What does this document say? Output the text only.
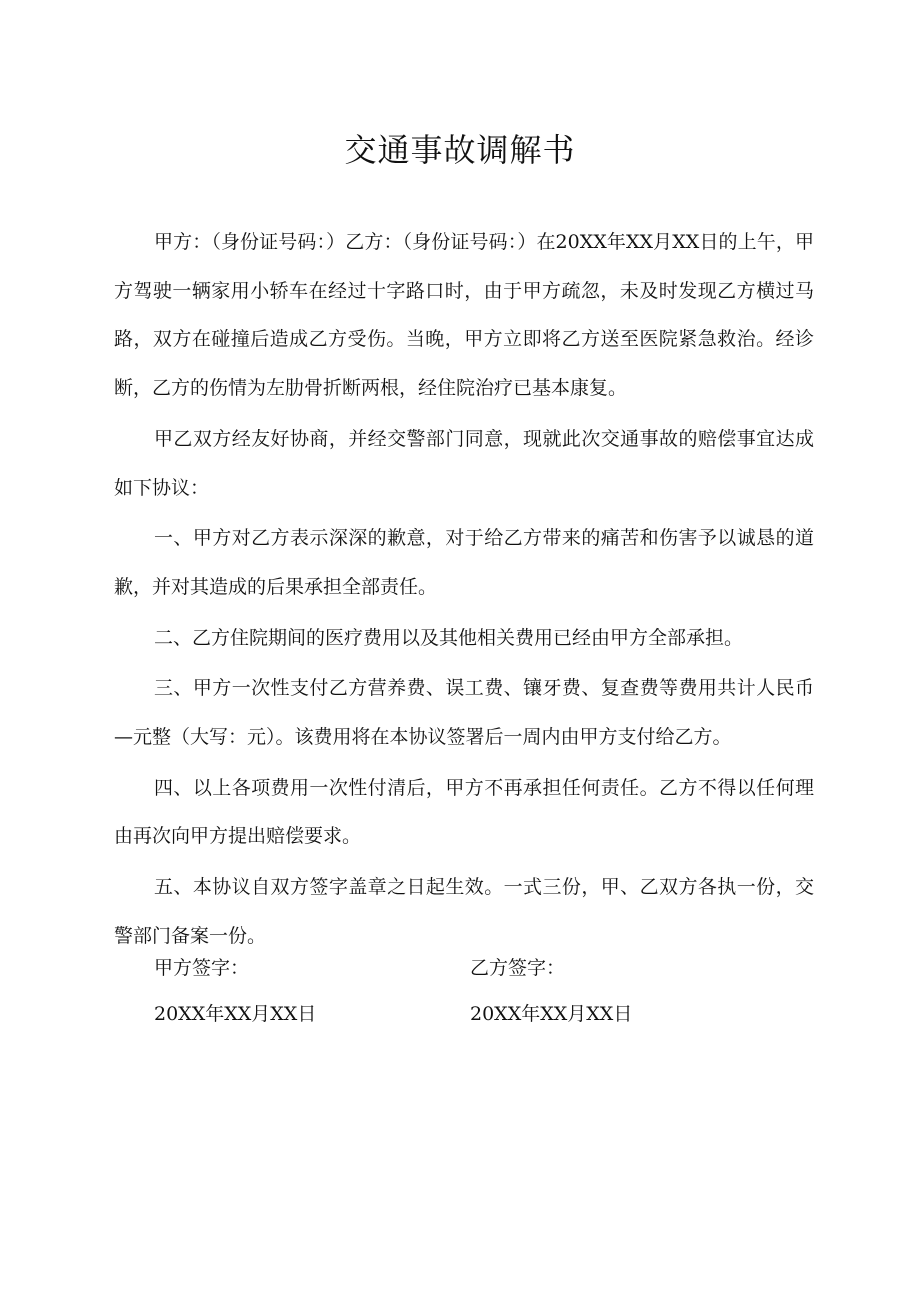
交通事故调解书

甲方：（身份证号码：）乙方：（身份证号码：）在20XX年XX月XX日的上午，甲方驾驶一辆家用小轿车在经过十字路口时，由于甲方疏忽，未及时发现乙方横过马路，双方在碰撞后造成乙方受伤。当晚，甲方立即将乙方送至医院紧急救治。经诊断，乙方的伤情为左肋骨折断两根，经住院治疗已基本康复。

甲乙双方经友好协商，并经交警部门同意，现就此次交通事故的赔偿事宜达成如下协议：

一、甲方对乙方表示深深的歉意，对于给乙方带来的痛苦和伤害予以诚恳的道歉，并对其造成的后果承担全部责任。

二、乙方住院期间的医疗费用以及其他相关费用已经由甲方全部承担。

三、甲方一次性支付乙方营养费、误工费、镶牙费、复查费等费用共计人民币—元整（大写：元）。该费用将在本协议签署后一周内由甲方支付给乙方。

四、以上各项费用一次性付清后，甲方不再承担任何责任。乙方不得以任何理由再次向甲方提出赔偿要求。

五、本协议自双方签字盖章之日起生效。一式三份，甲、乙双方各执一份，交警部门备案一份。

甲方签字：	乙方签字：
20XX年XX月XX日	20XX年XX月XX日
